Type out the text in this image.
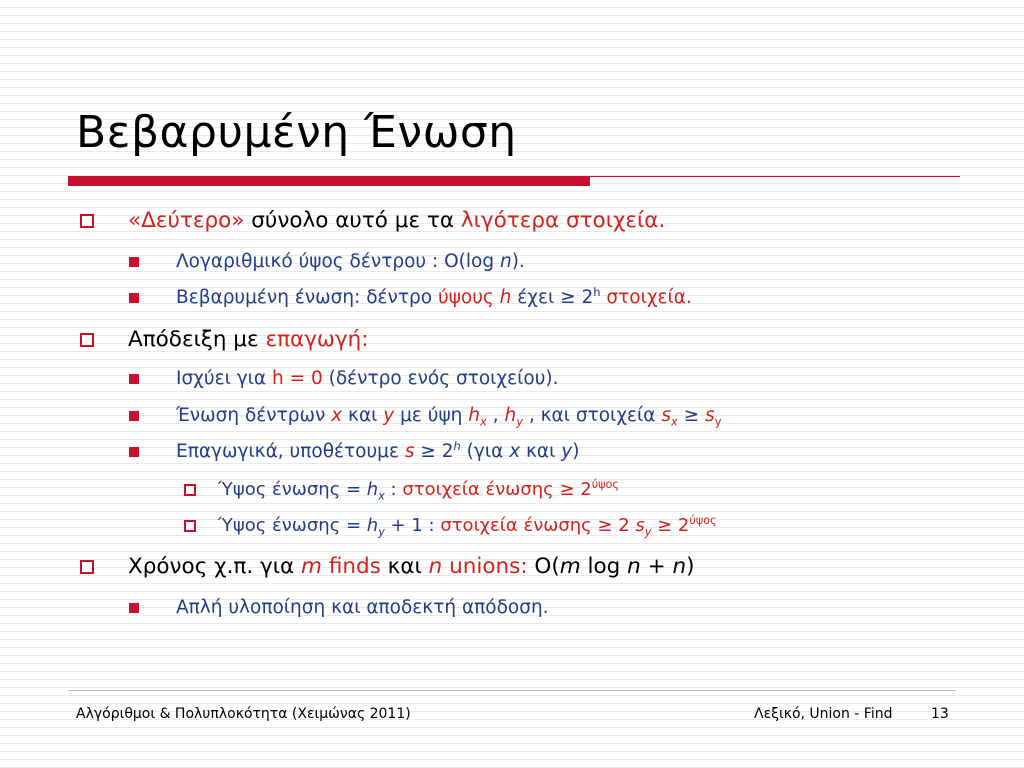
Βεβαρυμένη Ένωση
«Δεύτερο» σύνολο αυτό με τα λιγότερα στοιχεία.
Λογαριθμικό ύψος δέντρου : O(log n).
Βεβαρυμένη ένωση: δέντρο ύψους h $έ\chi\varepsilon\iota \ge 2^h$ στοιχεία.
Απόδειξη με επαγωγή:
Ισχύει για h = 0 (δέντρο ενός στοιχείου).
Ένωση δέντρων x και y με ύψη $h_x$ , $h_y$ , και στοιχεία $s_x \ge s_y$
Επαγωγικά, υποθέτουμε $s \ge 2^h$ (για x και y)
Ύψος $έ\nu\omega\sigma\eta\varsigma = h_x$ : στοιχεία $έ\nu\omega\sigma\eta\varsigma \ge 2^{ύ\psi o\varsigma}$
Ύψος $έ\nu\omega\sigma\eta\varsigma = h_y + 1$ : στοιχεία ένωσης ≥ 2 $s_y \ge 2^{ύ\psi o\varsigma}$
Χρόνος χ.π. για m finds και n unions: O(m log n + n)
Απλή υλοποίηση και αποδεκτή απόδοση.
Αλγόριθμοι & Πολυπλοκότητα (Χειμώνας 2011)	Λεξικό, Union - Find	13
